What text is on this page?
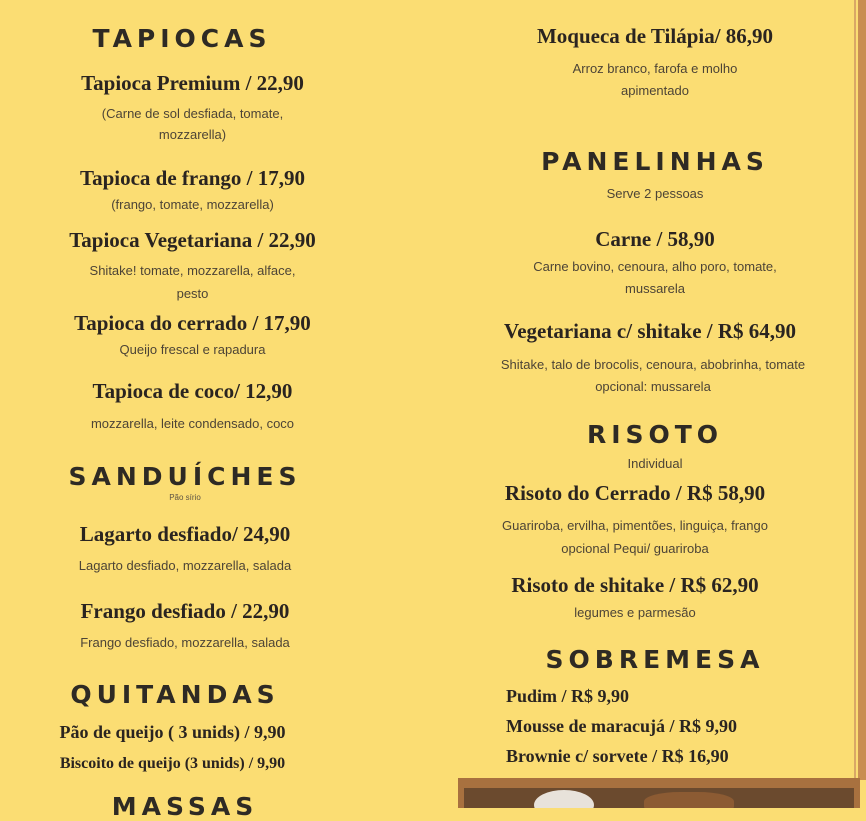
TAPIOCAS
Tapioca Premium / 22,90
(Carne de sol desfiada, tomate,
mozzarella)
Tapioca de frango / 17,90
(frango, tomate, mozzarella)
Tapioca Vegetariana / 22,90
Shitake! tomate, mozzarella, alface,
pesto
Tapioca do cerrado / 17,90
Queijo frescal e rapadura
Tapioca de coco/ 12,90
mozzarella, leite condensado, coco
SANDUÍCHES
Pão sírio
Lagarto desfiado/ 24,90
Lagarto desfiado, mozzarella, salada
Frango desfiado / 22,90
Frango desfiado, mozzarella, salada
QUITANDAS
Pão de queijo ( 3 unids) / 9,90
Biscoito de queijo (3 unids) / 9,90
MASSAS
Moqueca de Tilápia/ 86,90
Arroz branco, farofa e molho
apimentado
PANELINHAS
Serve 2 pessoas
Carne / 58,90
Carne bovino, cenoura, alho poro, tomate,
mussarela
Vegetariana c/ shitake / R$ 64,90
Shitake, talo de brocolis, cenoura, abobrinha, tomate
opcional: mussarela
RISOTO
Individual
Risoto do Cerrado / R$ 58,90
Guariroba, ervilha, pimentões, linguiça, frango
opcional Pequi/ guariroba
Risoto de shitake / R$ 62,90
legumes e parmesão
SOBREMESA
Pudim / R$ 9,90
Mousse de maracujá / R$ 9,90
Brownie c/ sorvete / R$ 16,90
